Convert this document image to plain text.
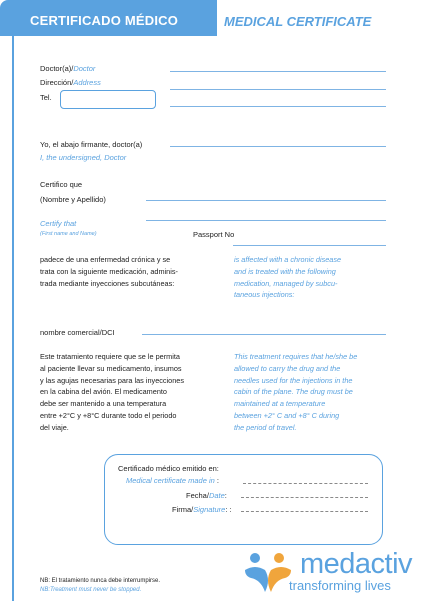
CERTIFICADO MÉDICO	MEDICAL CERTIFICATE
Doctor(a)/Doctor
Dirección/Address
Tel.
Yo, el abajo firmante, doctor(a)
I, the undersigned, Doctor
Certifico que
(Nombre y Apellido)
Certify that
(First name and Name)	Passport No
padece de una enfermedad crónica y se
trata con la siguiente medicación, adminis-
trada mediante inyecciones subcutáneas:
is affected with a chronic disease
and is treated with the following
medication, managed by subcu-
taneous injections:
nombre comercial/DCI
Este tratamiento requiere que se le permita
al paciente llevar su medicamento, insumos
y las agujas necesarias para las inyecciones
en la cabina del avión. El medicamento
debe ser mantenido a una temperatura
entre +2°C y +8°C durante todo el periodo
del viaje.
This treatment requires that he/she be
allowed to carry the drug and the
needles used for the injections in the
cabin of the plane. The drug must be
maintained at a temperature
between +2° C and +8° C during
the period of travel.
Certificado médico emitido en:
Medical certificate made in :
Fecha/Date:
Firma/Signature: :
NB: El tratamiento nunca debe interrumpirse.
NB:Treatment must never be stopped.
medactiv
transforming lives
